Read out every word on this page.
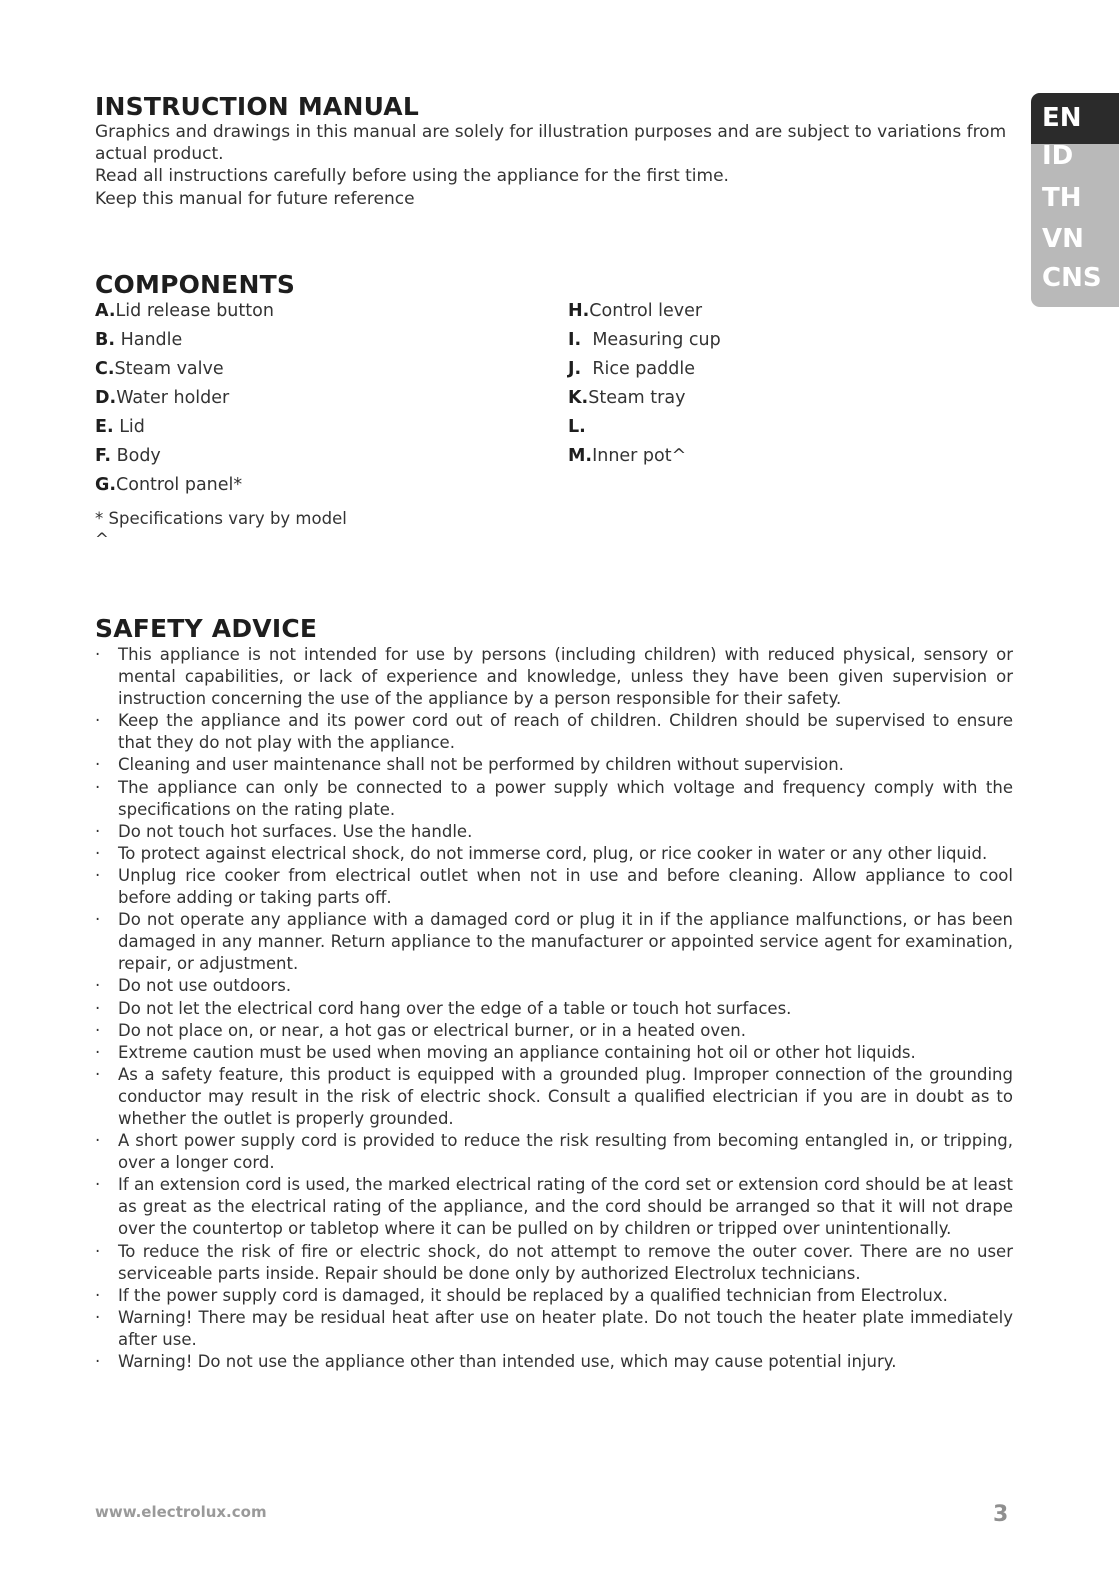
EN
ID
TH
VN
CNS
INSTRUCTION MANUAL
Graphics and drawings in this manual are solely for illustration purposes and are subject to variations from
actual product.
Read all instructions carefully before using the appliance for the first time.
Keep this manual for future reference
COMPONENTS
A.Lid release button
B. Handle
C.Steam valve
D.Water holder
E. Lid
F. Body
G.Control panel*
H.Control lever
I. Measuring cup
J. Rice paddle
K.Steam tray
L.
M.Inner pot^
* Specifications vary by model
^
SAFETY ADVICE
· This appliance is not intended for use by persons (including children) with reduced physical, sensory or mental capabilities, or lack of experience and knowledge, unless they have been given supervision or instruction concerning the use of the appliance by a person responsible for their safety.
· Keep the appliance and its power cord out of reach of children. Children should be supervised to ensure that they do not play with the appliance.
· Cleaning and user maintenance shall not be performed by children without supervision.
· The appliance can only be connected to a power supply which voltage and frequency comply with the specifications on the rating plate.
· Do not touch hot surfaces. Use the handle.
· To protect against electrical shock, do not immerse cord, plug, or rice cooker in water or any other liquid.
· Unplug rice cooker from electrical outlet when not in use and before cleaning. Allow appliance to cool before adding or taking parts off.
· Do not operate any appliance with a damaged cord or plug it in if the appliance malfunctions, or has been damaged in any manner. Return appliance to the manufacturer or appointed service agent for examination, repair, or adjustment.
· Do not use outdoors.
· Do not let the electrical cord hang over the edge of a table or touch hot surfaces.
· Do not place on, or near, a hot gas or electrical burner, or in a heated oven.
· Extreme caution must be used when moving an appliance containing hot oil or other hot liquids.
· As a safety feature, this product is equipped with a grounded plug. Improper connection of the grounding conductor may result in the risk of electric shock. Consult a qualified electrician if you are in doubt as to whether the outlet is properly grounded.
· A short power supply cord is provided to reduce the risk resulting from becoming entangled in, or tripping, over a longer cord.
· If an extension cord is used, the marked electrical rating of the cord set or extension cord should be at least as great as the electrical rating of the appliance, and the cord should be arranged so that it will not drape over the countertop or tabletop where it can be pulled on by children or tripped over unintentionally.
· To reduce the risk of fire or electric shock, do not attempt to remove the outer cover. There are no user serviceable parts inside. Repair should be done only by authorized Electrolux technicians.
· If the power supply cord is damaged, it should be replaced by a qualified technician from Electrolux.
· Warning! There may be residual heat after use on heater plate. Do not touch the heater plate immediately after use.
· Warning! Do not use the appliance other than intended use, which may cause potential injury.
www.electrolux.com	3
